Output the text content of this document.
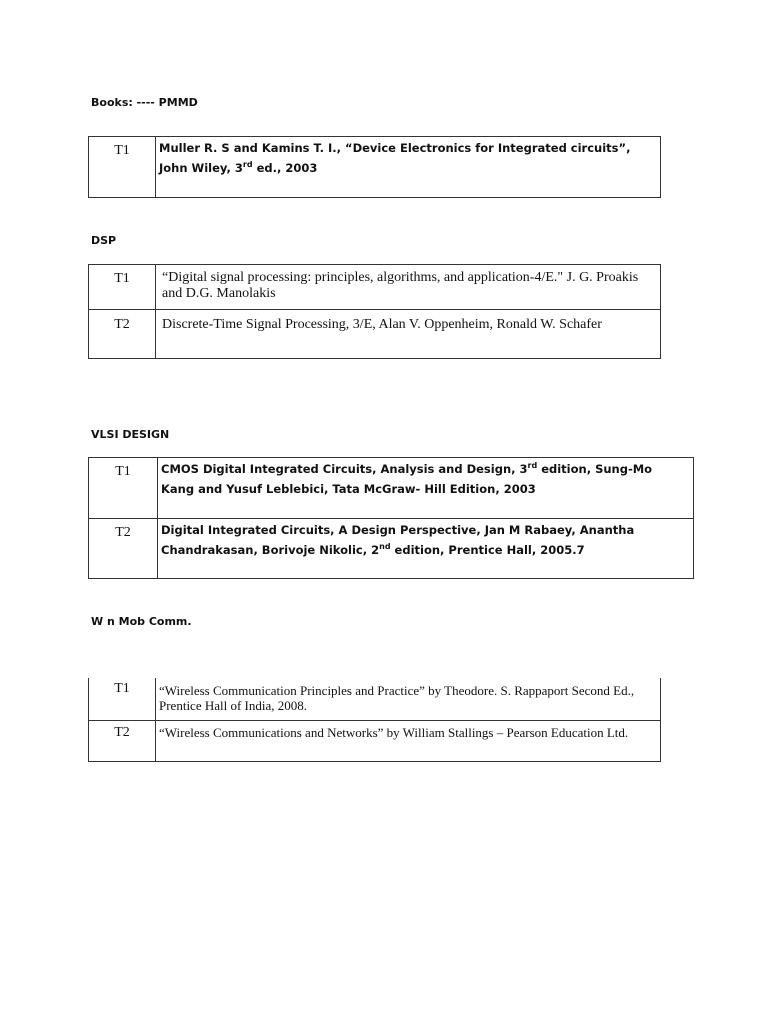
Books: ---- PMMD
T1	Muller R. S and Kamins T. I., “Device Electronics for Integrated circuits”, John Wiley, 3rd ed., 2003
DSP
T1	“Digital signal processing: principles, algorithms, and application-4/E." J. G. Proakis and D.G. Manolakis
T2	Discrete-Time Signal Processing, 3/E, Alan V. Oppenheim, Ronald W. Schafer
VLSI DESIGN
T1	CMOS Digital Integrated Circuits, Analysis and Design, 3rd edition, Sung-Mo Kang and Yusuf Leblebici, Tata McGraw- Hill Edition, 2003
T2	Digital Integrated Circuits, A Design Perspective, Jan M Rabaey, Anantha Chandrakasan, Borivoje Nikolic, 2nd edition, Prentice Hall, 2005.7
W n Mob Comm.
T1	“Wireless Communication Principles and Practice” by Theodore. S. Rappaport Second Ed., Prentice Hall of India, 2008.
T2	“Wireless Communications and Networks” by William Stallings – Pearson Education Ltd.
